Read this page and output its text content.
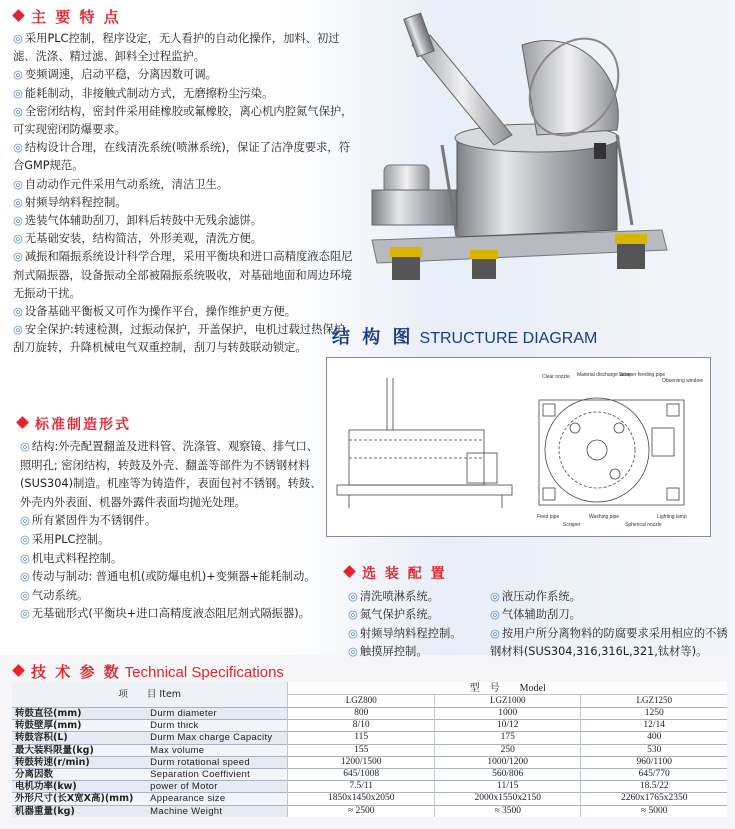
主 要 特 点
◎ 采用PLC控制，程序设定，无人看护的自动化操作，加料、初过滤、洗涤、精过滤、卸料全过程监护。
◎ 变频调速，启动平稳，分离因数可调。
◎ 能耗制动，非接触式制动方式，无磨擦粉尘污染。
◎ 全密闭结构，密封件采用硅橡胶或氟橡胶，离心机内腔氮气保护，可实现密闭防爆要求。
◎ 结构设计合理，在线清洗系统(喷淋系统)，保证了洁净度要求，符合GMP规范。
◎ 自动动作元件采用气动系统，清洁卫生。
◎ 射频导纳料程控制。
◎ 选装气体辅助刮刀，卸料后转鼓中无残余滤饼。
◎ 无基础安装，结构简洁，外形美观，清洗方便。
◎ 减振和隔振系统设计科学合理，采用平衡块和进口高精度液态阻尼剂式隔振器，设备振动全部被隔振系统吸收，对基础地面和周边环境无振动干扰。
◎ 设备基础平衡板又可作为操作平台，操作维护更方便。
◎ 安全保护:转速检测，过振动保护，开盖保护，电机过载过热保护，刮刀旋转，升降机械电气双重控制，刮刀与转鼓联动锁定。	结 构 图 STRUCTURE DIAGRAM
Clear nozzle Material discharge valve
Scraper feeding pipe
Observing window
Feed pipe
Scraper
Washing pipe
Spherical nozzle
Lighting lamp
标准制造形式
◎ 结构:外壳配置翻盖及进料管、洗涤管、观察镜、排气口、照明孔; 密闭结构，转鼓及外壳、翻盖等部件为不锈钢材料(SUS304)制造。机座等为铸造件，表面包衬不锈钢。转鼓、外壳内外表面、机器外露件表面均抛光处理。
◎ 所有紧固件为不锈钢件。
◎ 采用PLC控制。
◎ 机电式料程控制。
◎ 传动与制动: 普通电机(或防爆电机)+变频器+能耗制动。
◎ 气动系统。
◎ 无基础形式(平衡块+进口高精度液态阻尼剂式隔振器)。
选 装 配 置
◎ 清洗喷淋系统。
◎ 氮气保护系统。
◎ 射频导纳料程控制。
◎ 触摸屏控制。
◎ 液压动作系统。
◎ 气体辅助刮刀。
◎ 按用户所分离物料的防腐要求采用相应的不锈钢材料(SUS304,316,316L,321,钛材等)。
技 术 参 数 Technical Specifications
项　　目 Item		型　号　　Model
LGZ800 LGZ1000 LGZ1250		

转鼓直径(mm)	Durm diameter	800	1000	1250
转鼓壁厚(mm)	Durm thick	8/10	10/12	12/14
转鼓容积(L)	Durm Max charge Capacity	115	175	400
最大装料限量(kg)	Max volume	155	250	530
转鼓转速(r/min)	Durm rotational speed	1200/1500	1000/1200	960/1100
分离因数	Separation Coeffivient	645/1008	560/806	645/770
电机功率(kw)	power of Motor	7.5/11	11/15	18.5/22
外形尺寸(长X宽X高)(mm)	Appearance size	1850x1450x2050	2000x1550x2150	2260x1765x2350
机器重量(kg)	Machine Weight	≈ 2500	≈ 3500	≈ 5000
